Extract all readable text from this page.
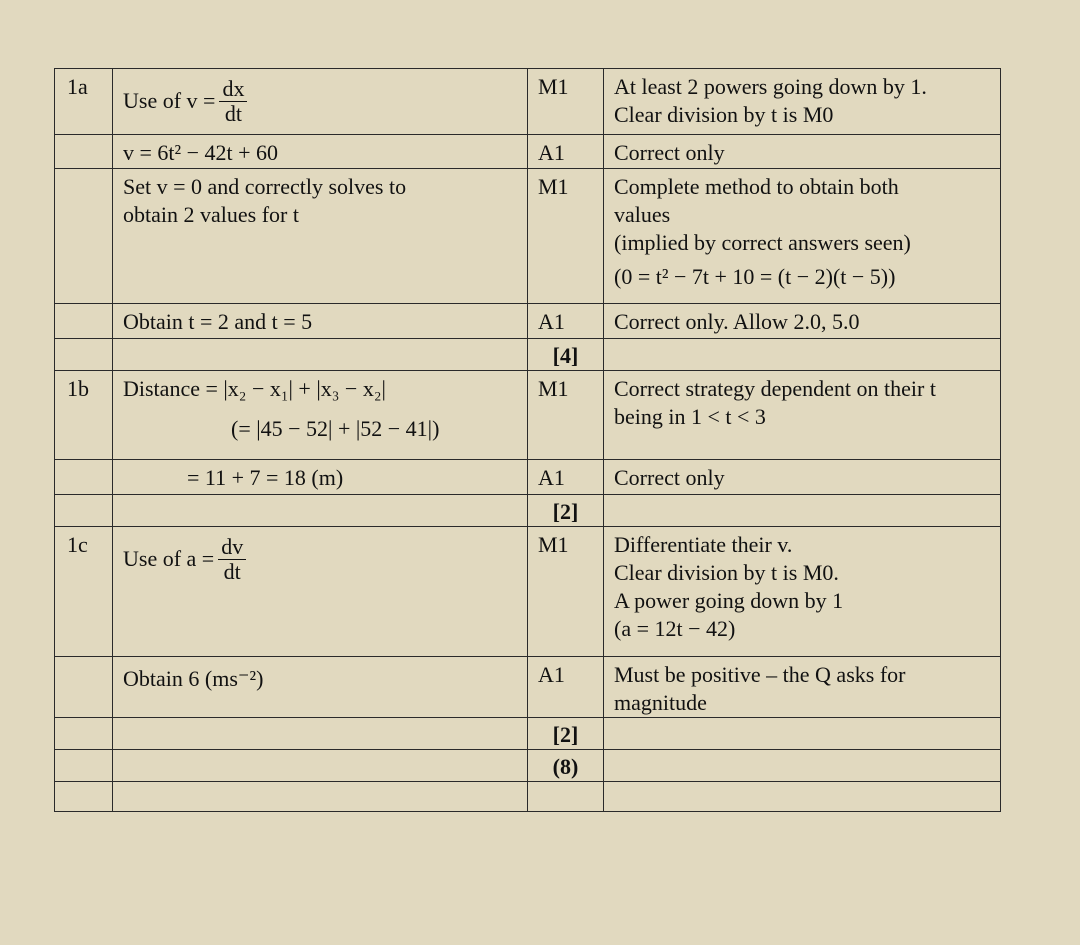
1a	Use of $v = \frac{dx}{dt}$	M1	At least 2 powers going down by 1.
Clear division by t is M0

	v = 6t² − 42t + 60	A1	Correct only

	Set v = 0 and correctly solves to
obtain 2 values for t	M1	Complete method to obtain both
values
(implied by correct answers seen)
(0 = t² − 7t + 10 = (t − 2)(t − 5))

	Obtain t = 2 and t = 5	A1	Correct only. Allow 2.0, 5.0

		[4]	
1b	Distance = |x₂ − x₁| + |x₃ − x₂|
(= |45 − 52| + |52 − 41|)	M1	Correct strategy dependent on their t
being in 1 < t < 3

	= 11 + 7 = 18 (m)	A1	Correct only

		[2]	
1c	Use of $a = \frac{dv}{dt}$	M1	Differentiate their v.
Clear division by t is M0.
A power going down by 1
(a = 12t − 42)

	Obtain 6 (ms⁻²)	A1	Must be positive – the Q asks for
magnitude

		[2]	
		(8)	
